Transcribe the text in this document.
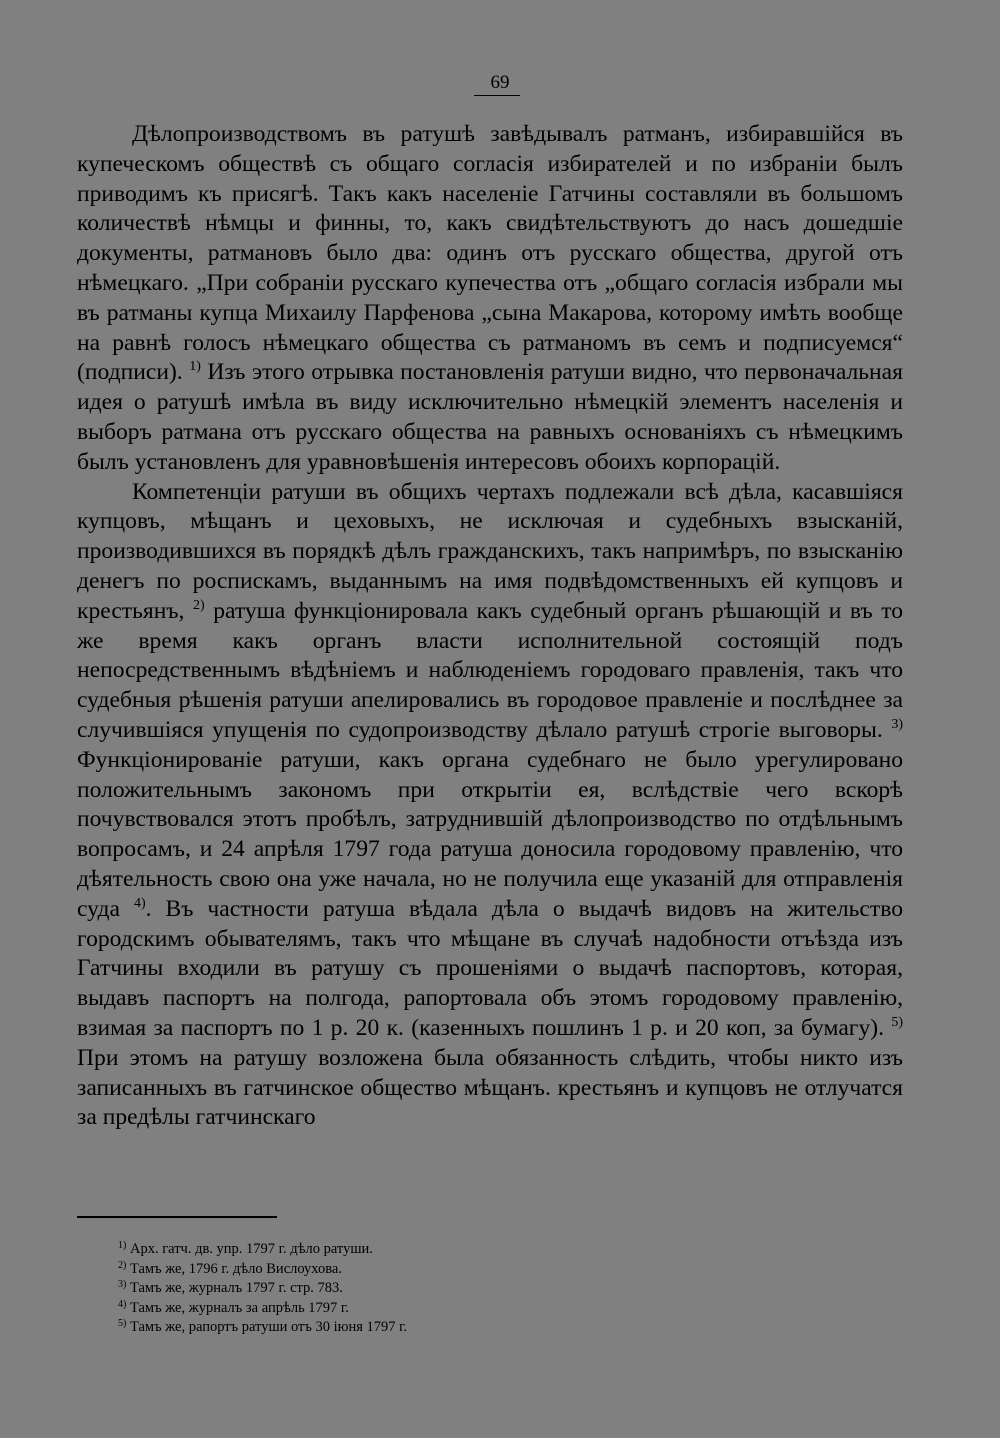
69

Дѣлопроизводствомъ въ ратушѣ завѣдывалъ ратманъ, избиравшійся въ купеческомъ обществѣ съ общаго согласія избирателей и по избраніи былъ приводимъ къ присягѣ. Такъ какъ населеніе Гатчины составляли въ большомъ количествѣ нѣмцы и финны, то, какъ свидѣтельствуютъ до насъ дошедшіе документы, ратмановъ было два: одинъ отъ русскаго общества, другой отъ нѣмецкаго. „При собраніи русскаго купечества отъ „общаго согласія избрали мы въ ратманы купца Михаилу Парфенова „сына Макарова, которому имѣть вообще на равнѣ голосъ нѣмецкаго общества съ ратманомъ въ семъ и подписуемся“ (подписи). $^{1)}$ Изъ этого отрывка постановленія ратуши видно, что первоначальная идея о ратушѣ имѣла въ виду исключительно нѣмецкій элементъ населенія и выборъ ратмана отъ русскаго общества на равныхъ основаніяхъ съ нѣмецкимъ былъ установленъ для уравновѣшенія интересовъ обоихъ корпорацій.

Компетенціи ратуши въ общихъ чертахъ подлежали всѣ дѣла, касавшіяся купцовъ, мѣщанъ и цеховыхъ, не исключая и судебныхъ взысканій, производившихся въ порядкѣ дѣлъ гражданскихъ, такъ напримѣръ, по взысканію денегъ по роспискамъ, выданнымъ на имя подвѣдомственныхъ ей купцовъ и крестьянъ, $^{2)}$ ратуша функціонировала какъ судебный органъ рѣшающій и въ то же время какъ органъ власти исполнительной состоящій подъ непосредственнымъ вѣдѣніемъ и наблюденіемъ городоваго правленія, такъ что судебныя рѣшенія ратуши апелировались въ городовое правленіе и послѣднее за случившіяся упущенія по судопроизводству дѣлало ратушѣ строгіе выговоры. $^{3)}$ Функціонированіе ратуши, какъ органа судебнаго не было урегулировано положительнымъ закономъ при открытіи ея, вслѣдствіе чего вскорѣ почувствовался этотъ пробѣлъ, затруднившій дѣлопроизводство по отдѣльнымъ вопросамъ, и 24 апрѣля 1797 года ратуша доносила городовому правленію, что дѣятельность свою она уже начала, но не получила еще указаній для отправленія суда $^{4)}$. Въ частности ратуша вѣдала дѣла о выдачѣ видовъ на жительство городскимъ обывателямъ, такъ что мѣщане въ случаѣ надобности отъѣзда изъ Гатчины входили въ ратушу съ прошеніями о выдачѣ паспортовъ, которая, выдавъ паспортъ на полгода, рапортовала объ этомъ городовому правленію, взимая за паспортъ по 1 р. 20 к. (казенныхъ пошлинъ 1 р. и 20 коп, за бумагу). $^{5)}$ При этомъ на ратушу возложена была обязанность слѣдить, чтобы никто изъ записанныхъ въ гатчинское общество мѣщанъ. крестьянъ и купцовъ не отлучатся за предѣлы гатчинскаго

$^{1)}$ Арх. гатч. дв. упр. 1797 г. дѣло ратуши.
$^{2)}$ Тамъ же, 1796 г. дѣло Вислоухова.
$^{3)}$ Тамъ же, журналъ 1797 г. стр. 783.
$^{4)}$ Тамъ же, журналъ за апрѣль 1797 г.
$^{5)}$ Тамъ же, рапортъ ратуши отъ 30 іюня 1797 г.
